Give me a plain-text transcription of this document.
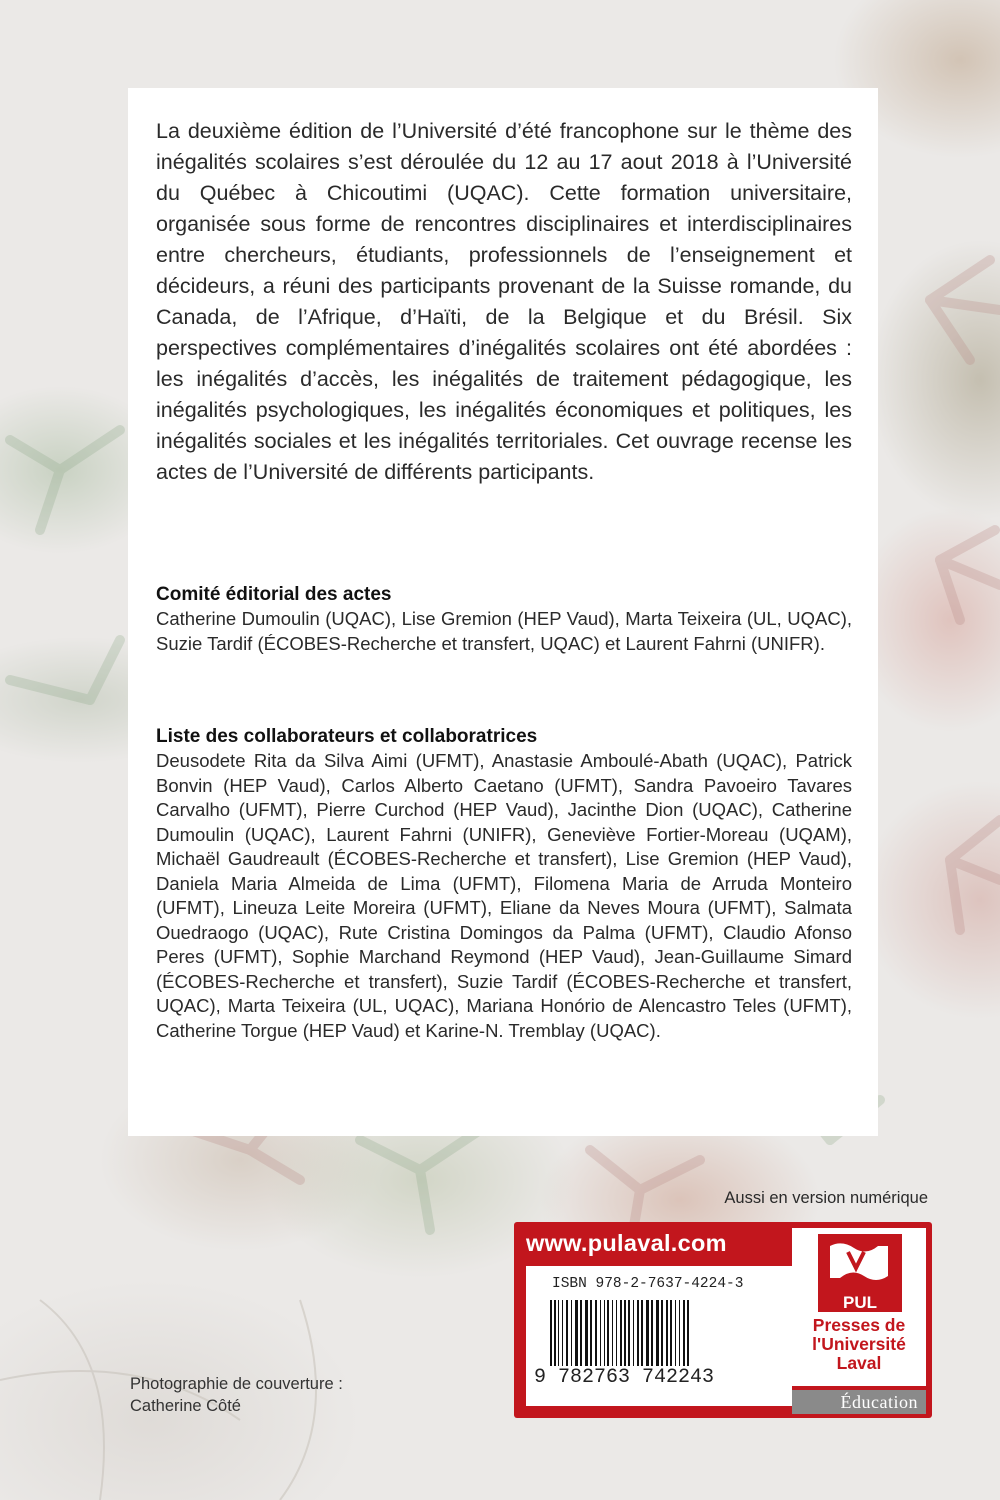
La deuxième édition de l’Université d’été francophone sur le thème des inégalités scolaires s’est déroulée du 12 au 17 aout 2018 à l’Université du Québec à Chicoutimi (UQAC). Cette formation universitaire, organisée sous forme de rencontres disciplinaires et interdisciplinaires entre chercheurs, étudiants, professionnels de l’enseignement et décideurs, a réuni des participants provenant de la Suisse romande, du Canada, de l’Afrique, d’Haïti, de la Belgique et du Brésil. Six perspectives complémentaires d’inégalités scolaires ont été abordées : les inégalités d’accès, les inégalités de traitement pédagogique, les inégalités psychologiques, les inégalités économiques et politiques, les inégalités sociales et les inégalités territoriales. Cet ouvrage recense les actes de l’Université de différents participants.

Comité éditorial des actes

Catherine Dumoulin (UQAC), Lise Gremion (HEP Vaud), Marta Teixeira (UL, UQAC), Suzie Tardif (ÉCOBES-Recherche et transfert, UQAC) et Laurent Fahrni (UNIFR).

Liste des collaborateurs et collaboratrices

Deusodete Rita da Silva Aimi (UFMT), Anastasie Amboulé-Abath (UQAC), Patrick Bonvin (HEP Vaud), Carlos Alberto Caetano (UFMT), Sandra Pavoeiro Tavares Carvalho (UFMT), Pierre Curchod (HEP Vaud), Jacinthe Dion (UQAC), Catherine Dumoulin (UQAC), Laurent Fahrni (UNIFR), Geneviève Fortier-Moreau (UQAM), Michaël Gaudreault (ÉCOBES-Recherche et transfert), Lise Gremion (HEP Vaud), Daniela Maria Almeida de Lima (UFMT), Filomena Maria de Arruda Monteiro (UFMT), Lineuza Leite Moreira (UFMT), Eliane da Neves Moura (UFMT), Salmata Ouedraogo (UQAC), Rute Cristina Domingos da Palma (UFMT), Claudio Afonso Peres (UFMT), Sophie Marchand Reymond (HEP Vaud), Jean-Guillaume Simard (ÉCOBES-Recherche et transfert), Suzie Tardif (ÉCOBES-Recherche et transfert, UQAC), Marta Teixeira (UL, UQAC), Mariana Honório de Alencastro Teles (UFMT), Catherine Torgue (HEP Vaud) et Karine-N. Tremblay (UQAC).

Aussi en version numérique
www.pulaval.com
ISBN 978-2-7637-4224-3
9 782763 742243
PUL
Presses de
l'Université
Laval
Éducation
Photographie de couverture :
Catherine Côté
